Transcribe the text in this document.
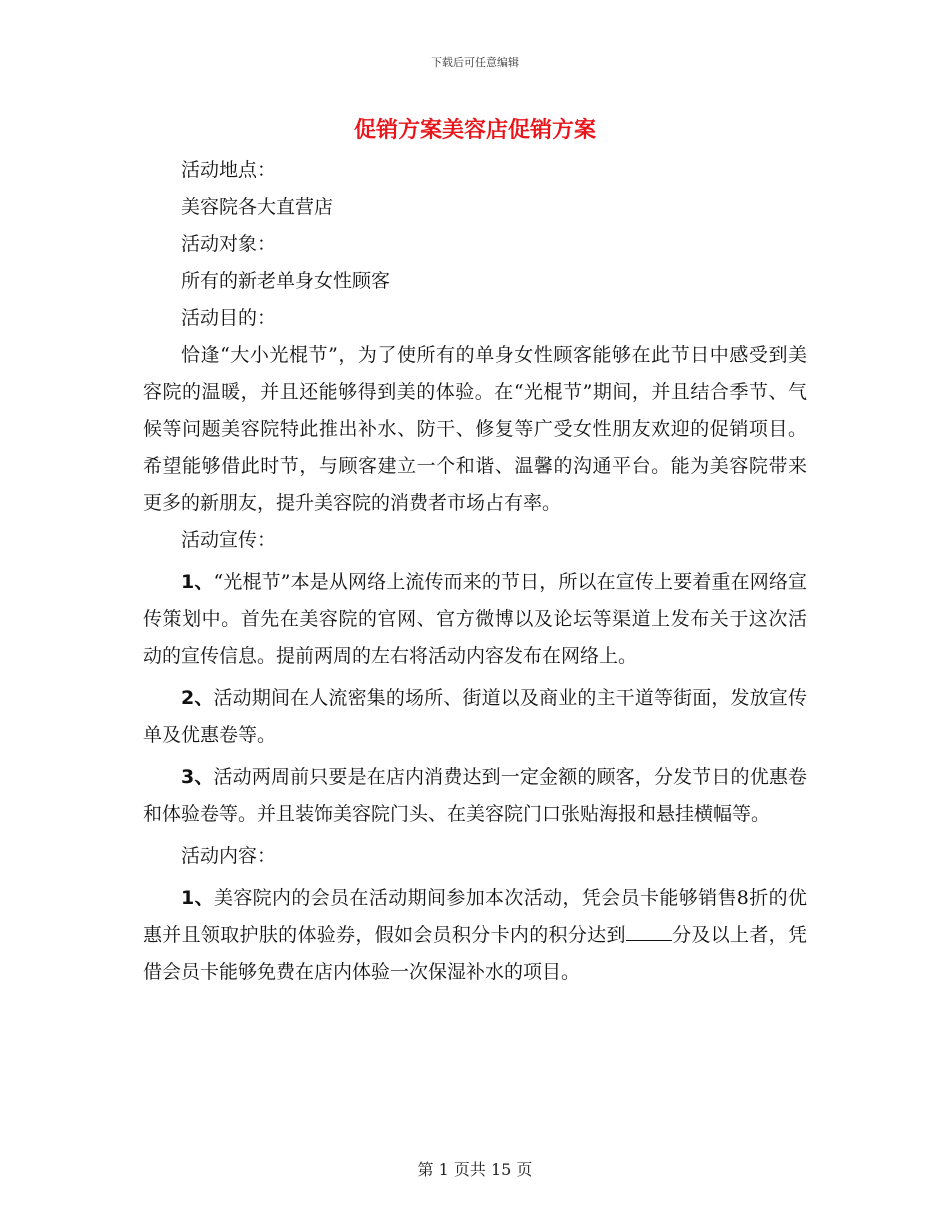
下载后可任意编辑
促销方案美容店促销方案

活动地点：

美容院各大直营店

活动对象：

所有的新老单身女性顾客

活动目的：

恰逢“大小光棍节”，为了使所有的单身女性顾客能够在此节日中感受到美容院的温暖，并且还能够得到美的体验。在“光棍节”期间，并且结合季节、气候等问题美容院特此推出补水、防干、修复等广受女性朋友欢迎的促销项目。希望能够借此时节，与顾客建立一个和谐、温馨的沟通平台。能为美容院带来更多的新朋友，提升美容院的消费者市场占有率。

活动宣传：

1、“光棍节”本是从网络上流传而来的节日，所以在宣传上要着重在网络宣传策划中。首先在美容院的官网、官方微博以及论坛等渠道上发布关于这次活动的宣传信息。提前两周的左右将活动内容发布在网络上。

2、活动期间在人流密集的场所、街道以及商业的主干道等街面，发放宣传单及优惠卷等。

3、活动两周前只要是在店内消费达到一定金额的顾客，分发节日的优惠卷和体验卷等。并且装饰美容院门头、在美容院门口张贴海报和悬挂横幅等。

活动内容：

1、美容院内的会员在活动期间参加本次活动，凭会员卡能够销售8折的优惠并且领取护肤的体验券，假如会员积分卡内的积分达到 分及以上者，凭借会员卡能够免费在店内体验一次保湿补水的项目。

第 1 页共 15 页
